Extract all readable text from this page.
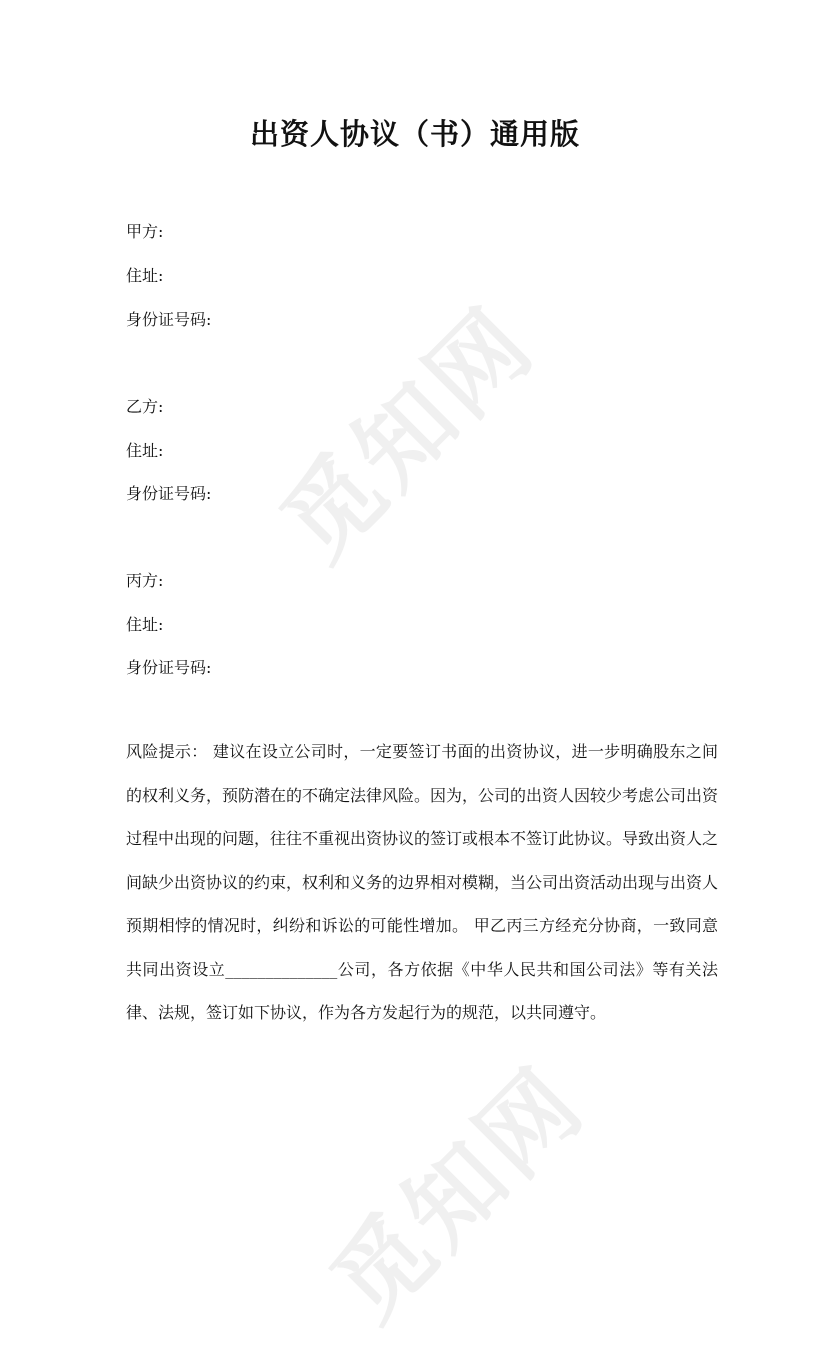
觅知网
觅知网
出资人协议（书）通用版

甲方:

住址:

身份证号码:

乙方:

住址:

身份证号码:

丙方:

住址:

身份证号码:

风险提示： 建议在设立公司时，一定要签订书面的出资协议，进一步明确股东之间的权利义务，预防潜在的不确定法律风险。因为，公司的出资人因较少考虑公司出资过程中出现的问题，往往不重视出资协议的签订或根本不签订此协议。导致出资人之间缺少出资协议的约束，权利和义务的边界相对模糊，当公司出资活动出现与出资人预期相悖的情况时，纠纷和诉讼的可能性增加。 甲乙丙三方经充分协商，一致同意共同出资设立______________公司，各方依据《中华人民共和国公司法》等有关法律、法规，签订如下协议，作为各方发起行为的规范，以共同遵守。
